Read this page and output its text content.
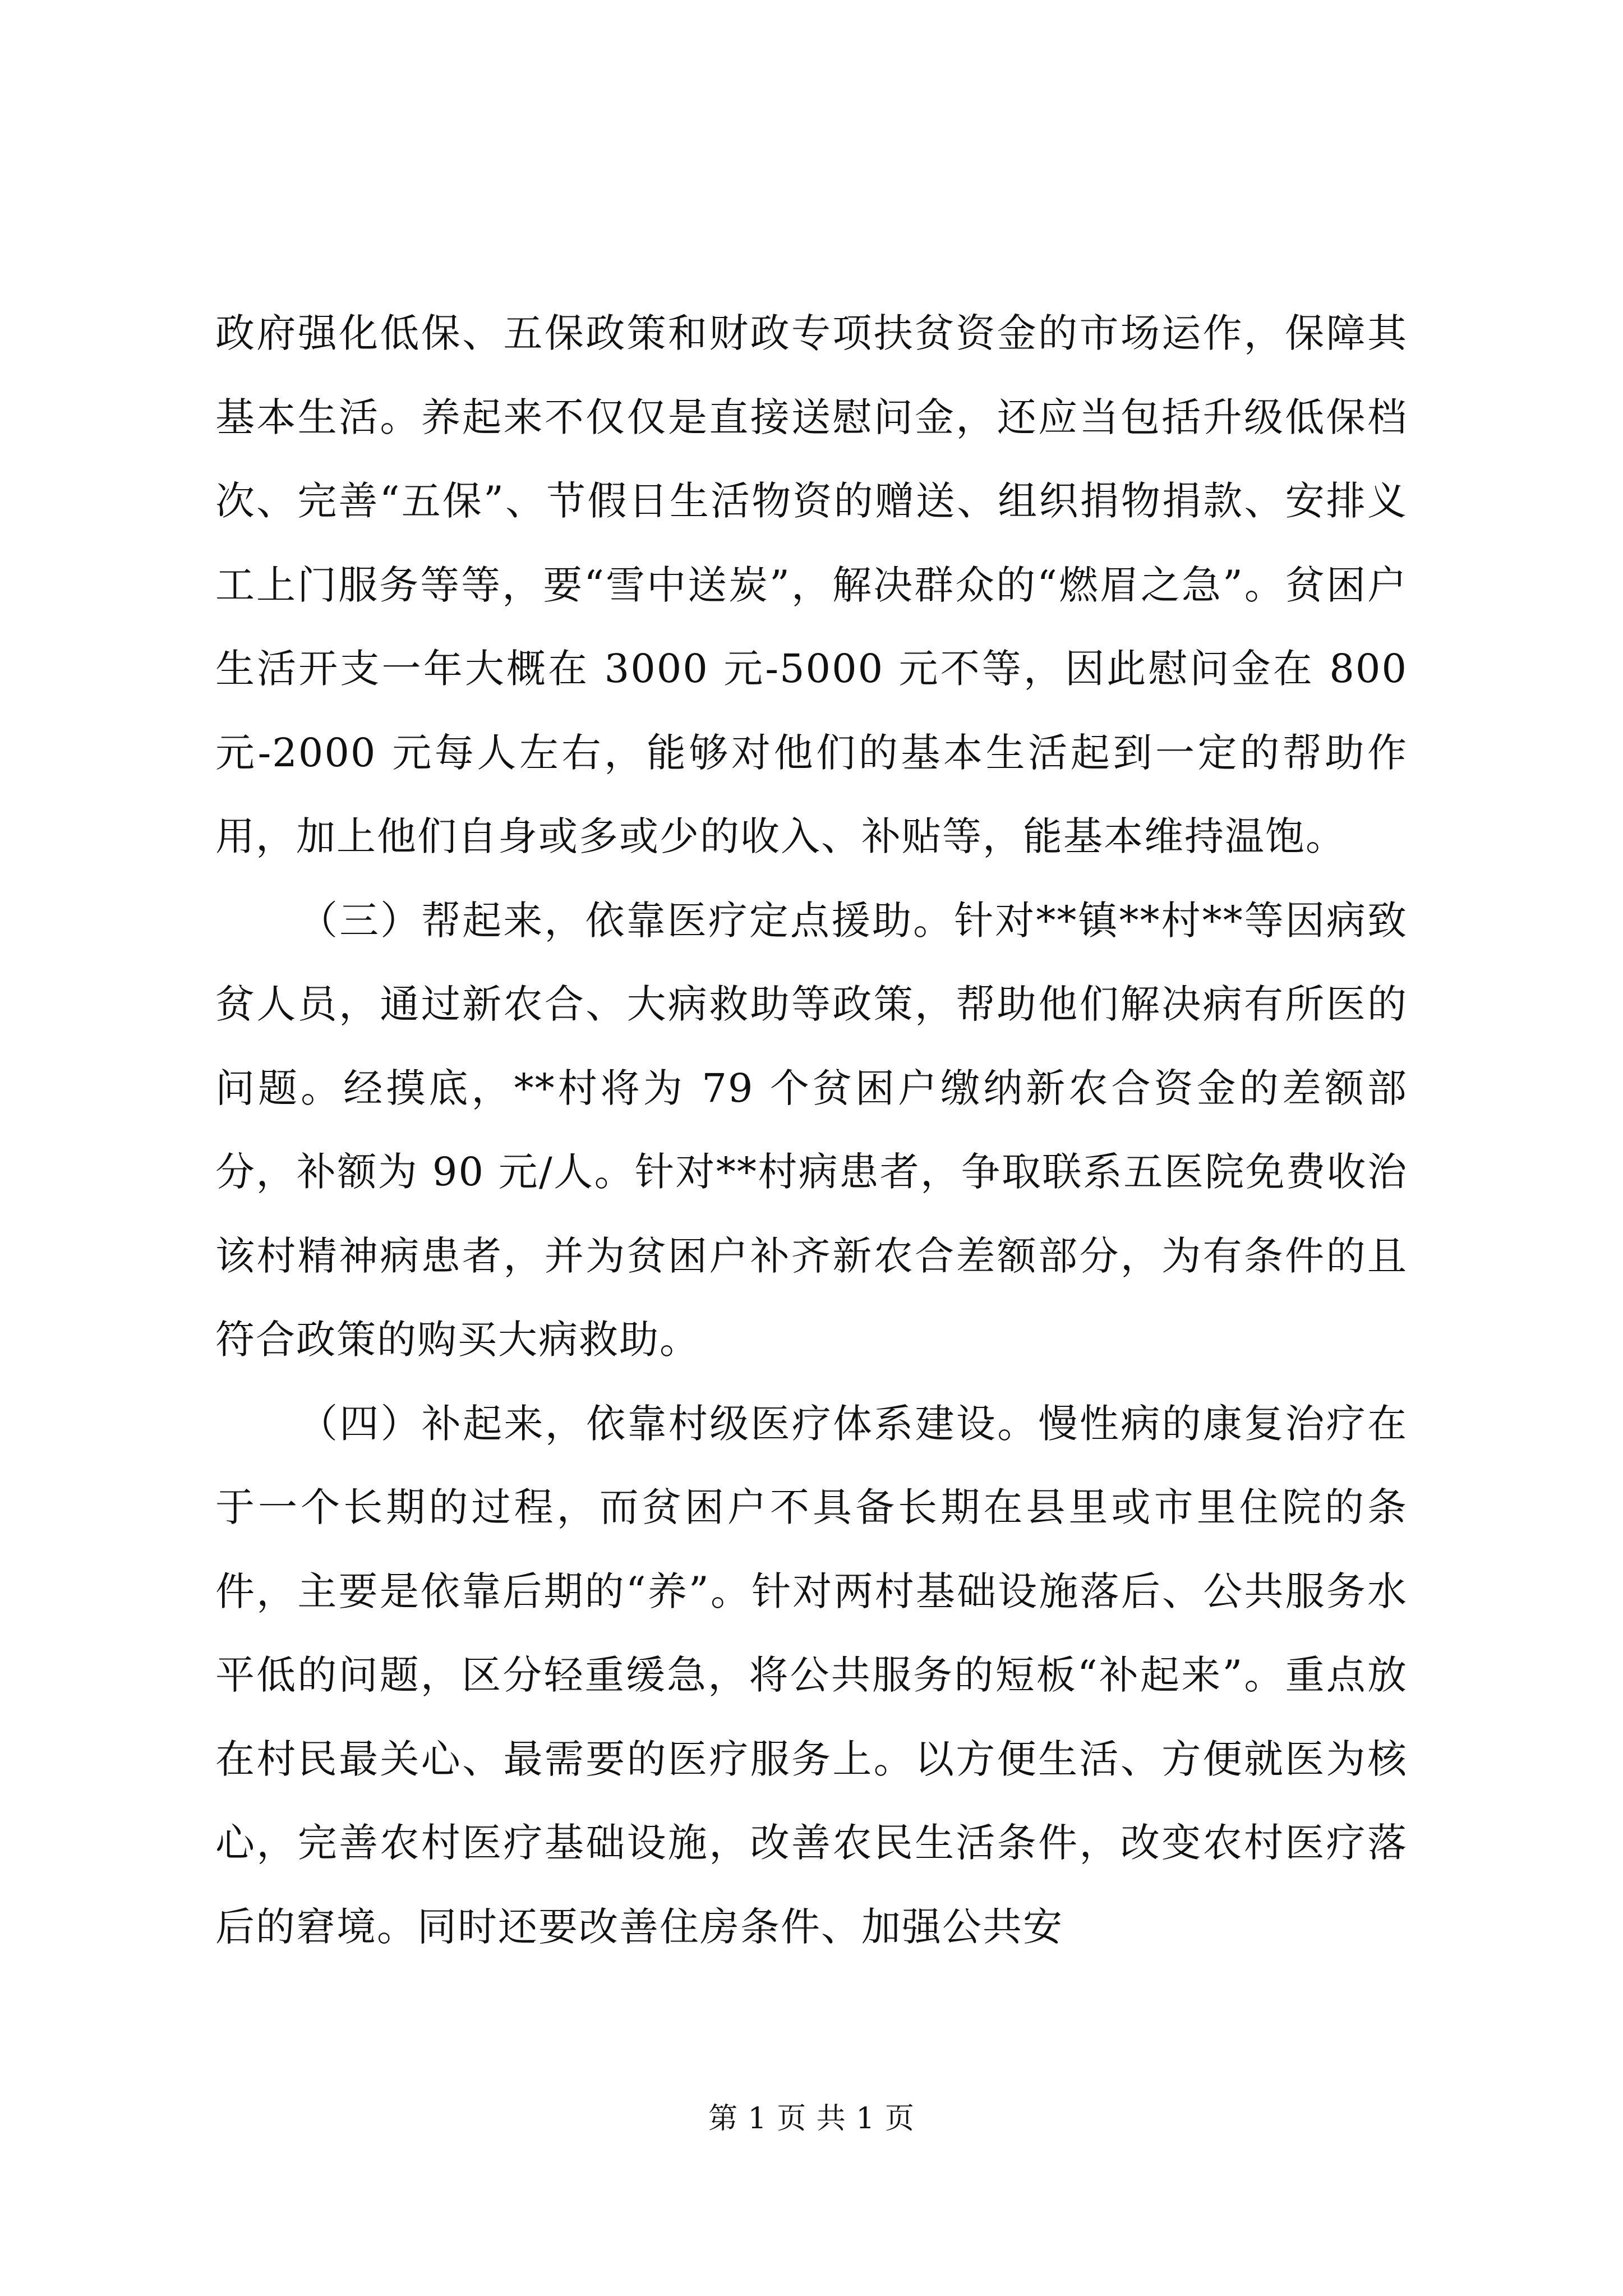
政府强化低保、五保政策和财政专项扶贫资金的市场运作，保障其基本生活。养起来不仅仅是直接送慰问金，还应当包括升级低保档次、完善“五保”、节假日生活物资的赠送、组织捐物捐款、安排义工上门服务等等，要“雪中送炭”，解决群众的“燃眉之急”。贫困户生活开支一年大概在 3000 元-5000 元不等，因此慰问金在 800 元-2000 元每人左右，能够对他们的基本生活起到一定的帮助作用，加上他们自身或多或少的收入、补贴等，能基本维持温饱。

（三）帮起来，依靠医疗定点援助。针对**镇**村**等因病致贫人员，通过新农合、大病救助等政策，帮助他们解决病有所医的问题。经摸底，**村将为 79 个贫困户缴纳新农合资金的差额部分，补额为 90 元/人。针对**村病患者，争取联系五医院免费收治该村精神病患者，并为贫困户补齐新农合差额部分，为有条件的且符合政策的购买大病救助。

（四）补起来，依靠村级医疗体系建设。慢性病的康复治疗在于一个长期的过程，而贫困户不具备长期在县里或市里住院的条件，主要是依靠后期的“养”。针对两村基础设施落后、公共服务水平低的问题，区分轻重缓急，将公共服务的短板“补起来”。重点放在村民最关心、最需要的医疗服务上。以方便生活、方便就医为核心，完善农村医疗基础设施，改善农民生活条件，改变农村医疗落后的窘境。同时还要改善住房条件、加强公共安

第 1 页 共 1 页
